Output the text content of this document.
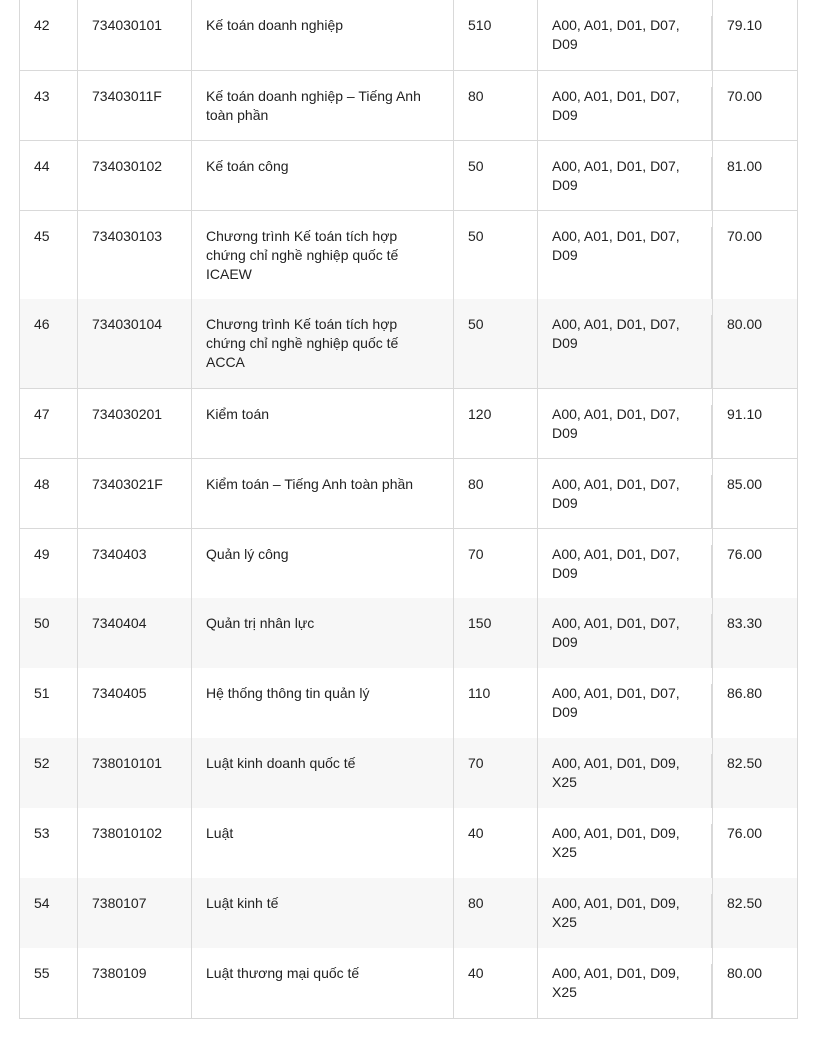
42	734030101	Kế toán doanh nghiệp	510	A00, A01, D01, D07, D09	79.10
43	73403011F	Kế toán doanh nghiệp – Tiếng Anh toàn phần	80	A00, A01, D01, D07, D09	70.00
44	734030102	Kế toán công	50	A00, A01, D01, D07, D09	81.00
45	734030103	Chương trình Kế toán tích hợp chứng chỉ nghề nghiệp quốc tế ICAEW	50	A00, A01, D01, D07, D09	70.00
46	734030104	Chương trình Kế toán tích hợp chứng chỉ nghề nghiệp quốc tế ACCA	50	A00, A01, D01, D07, D09	80.00
47	734030201	Kiểm toán	120	A00, A01, D01, D07, D09	91.10
48	73403021F	Kiểm toán – Tiếng Anh toàn phần	80	A00, A01, D01, D07, D09	85.00
49	7340403	Quản lý công	70	A00, A01, D01, D07, D09	76.00
50	7340404	Quản trị nhân lực	150	A00, A01, D01, D07, D09	83.30
51	7340405	Hệ thống thông tin quản lý	110	A00, A01, D01, D07, D09	86.80
52	738010101	Luật kinh doanh quốc tế	70	A00, A01, D01, D09, X25	82.50
53	738010102	Luật	40	A00, A01, D01, D09, X25	76.00
54	7380107	Luật kinh tế	80	A00, A01, D01, D09, X25	82.50
55	7380109	Luật thương mại quốc tế	40	A00, A01, D01, D09, X25	80.00
